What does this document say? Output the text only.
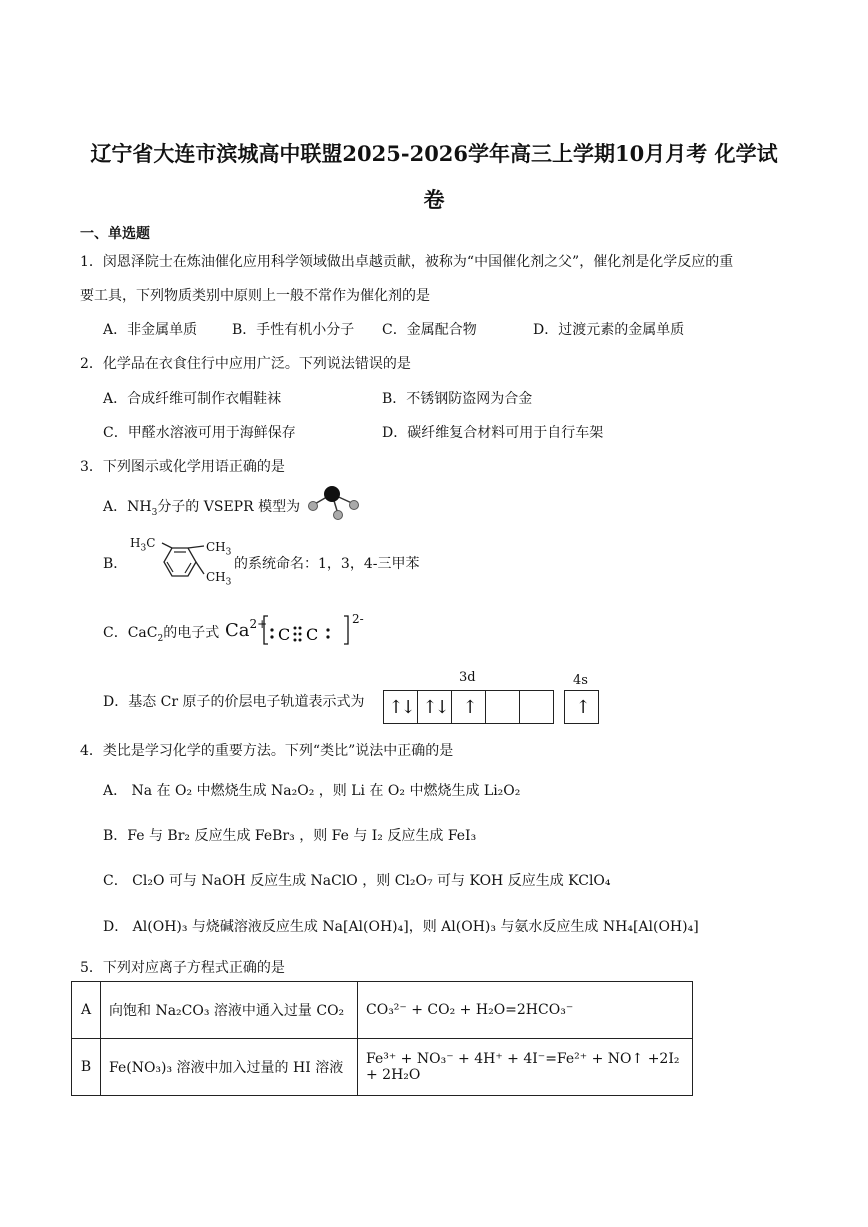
辽宁省大连市滨城高中联盟2025-2026学年高三上学期10月月考 化学试
卷
一、单选题
1．闵恩泽院士在炼油催化应用科学领域做出卓越贡献，被称为“中国催化剂之父”，催化剂是化学反应的重
要工具，下列物质类别中原则上一般不常作为催化剂的是
A．非金属单质 B．手性有机小分子 C．金属配合物	D．过渡元素的金属单质
2．化学品在衣食住行中应用广泛。下列说法错误的是
A．合成纤维可制作衣帽鞋袜	B．不锈钢防盗网为合金
C．甲醛水溶液可用于海鲜保存	D．碳纤维复合材料可用于自行车架
3．下列图示或化学用语正确的是
A．$NH_3$分子的 VSEPR 模型为
B．
$H_3C$	$CH_3$
$CH_3$
的系统命名：1，3，4-三甲苯
C．CaC$_2$的电子式 $Ca^{2+}$
C C
2-
D．基态 Cr 原子的价层电子轨道表示式为
3d	4s
↑↓ ↑↓ ↑	↑
4．类比是学习化学的重要方法。下列“类比”说法中正确的是
A． Na 在 O₂ 中燃烧生成 Na₂O₂ ，则 Li 在 O₂ 中燃烧生成 Li₂O₂
B．Fe 与 Br₂ 反应生成 FeBr₃ ，则 Fe 与 I₂ 反应生成 FeI₃
C． Cl₂O 可与 NaOH 反应生成 NaClO ，则 Cl₂O₇ 可与 KOH 反应生成 KClO₄
D． Al(OH)₃ 与烧碱溶液反应生成 Na[Al(OH)₄]，则 Al(OH)₃ 与氨水反应生成 NH₄[Al(OH)₄]
5．下列对应离子方程式正确的是
A	向饱和 Na₂CO₃ 溶液中通入过量 CO₂	CO₃²⁻ + CO₂ + H₂O=2HCO₃⁻
B	Fe(NO₃)₃ 溶液中加入过量的 HI 溶液	Fe³⁺ + NO₃⁻ + 4H⁺ + 4I⁻=Fe²⁺ + NO↑ +2I₂ + 2H₂O
